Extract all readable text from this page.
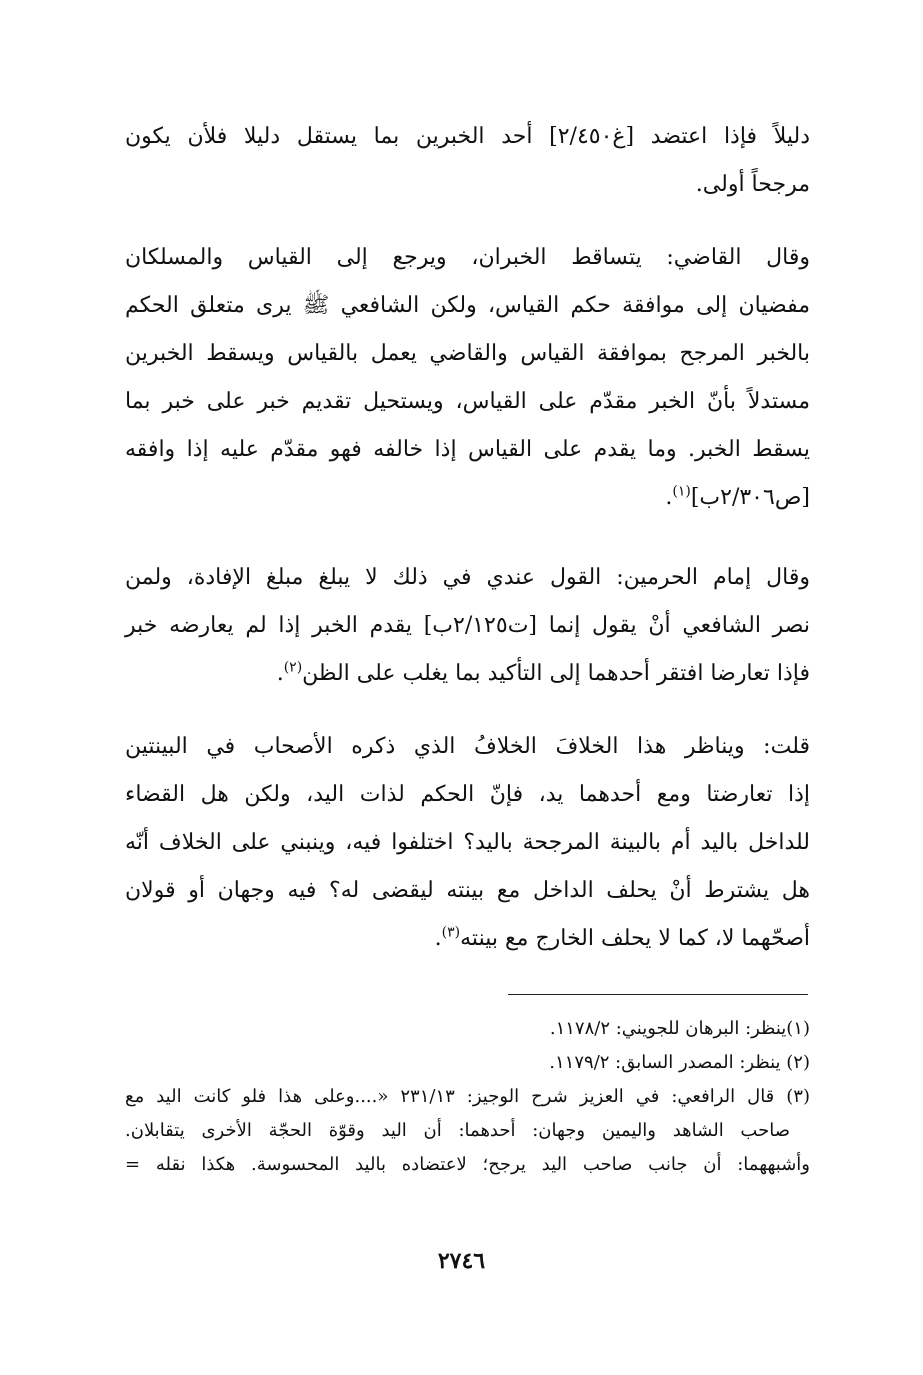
دليلاً فإذا اعتضد [غ٢/٤٥٠] أحد الخبرين بما يستقل دليلا فلأن يكون
مرجحاً أولى.
وقال القاضي: يتساقط الخبران، ويرجع إلى القياس والمسلكان
مفضيان إلى موافقة حكم القياس، ولكن الشافعي ﷺ يرى متعلق الحكم
بالخبر المرجح بموافقة القياس والقاضي يعمل بالقياس ويسقط الخبرين
مستدلاً بأنّ الخبر مقدّم على القياس، ويستحيل تقديم خبر على خبر بما
يسقط الخبر. وما يقدم على القياس إذا خالفه فهو مقدّم عليه إذا وافقه
[ص٢/٣٠٦ب]$^{(١)}$.
وقال إمام الحرمين: القول عندي في ذلك لا يبلغ مبلغ الإفادة، ولمن
نصر الشافعي أنْ يقول إنما [ت٢/١٢٥ب] يقدم الخبر إذا لم يعارضه خبر
فإذا تعارضا افتقر أحدهما إلى التأكيد بما يغلب على الظن$^{(٢)}$.
قلت: ويناظر هذا الخلافَ الخلافُ الذي ذكره الأصحاب في البينتين
إذا تعارضتا ومع أحدهما يد، فإنّ الحكم لذات اليد، ولكن هل القضاء
للداخل باليد أم بالبينة المرجحة باليد؟ اختلفوا فيه، وينبني على الخلاف أنّه
هل يشترط أنْ يحلف الداخل مع بينته ليقضى له؟ فيه وجهان أو قولان
أصحّهما لا، كما لا يحلف الخارج مع بينته$^{(٣)}$.
(١)ينظر: البرهان للجويني: ١١٧٨/٢.
(٢) ينظر: المصدر السابق: ١١٧٩/٢.
(٣) قال الرافعي: في العزيز شرح الوجيز: ٢٣١/١٣ «....وعلى هذا فلو كانت اليد مع
صاحب الشاهد واليمين وجهان: أحدهما: أن اليد وقوّة الحجّة الأخرى يتقابلان.
وأشبههما: أن جانب صاحب اليد يرجح؛ لاعتضاده باليد المحسوسة. هكذا نقله =
٢٧٤٦
